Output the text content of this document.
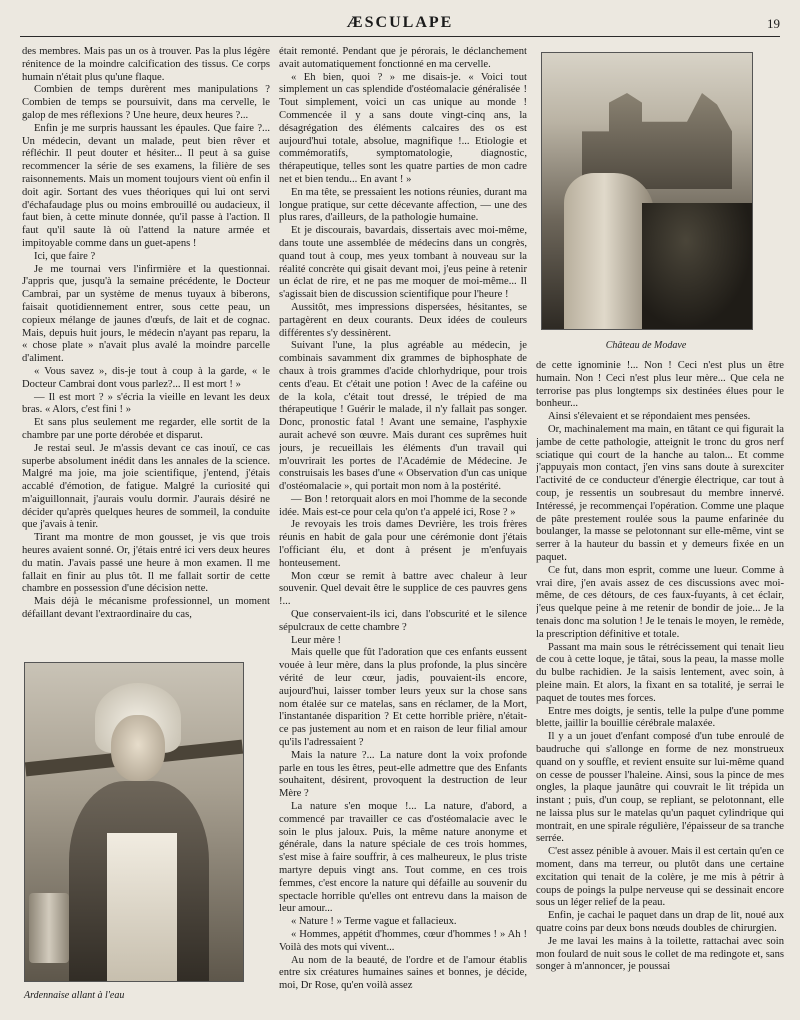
ÆSCULAPE	19

des membres. Mais pas un os à trouver. Pas la plus légère rénitence de la moindre calcification des tissus. Ce corps humain n'était plus qu'une flaque.

Combien de temps durèrent mes manipulations ? Combien de temps se poursuivit, dans ma cervelle, le galop de mes réflexions ? Une heure, deux heures ?...

Enfin je me surpris haussant les épaules. Que faire ?... Un médecin, devant un malade, peut bien rêver et réfléchir. Il peut douter et hésiter... Il peut à sa guise recommencer la série de ses examens, la filière de ses raisonnements. Mais un moment toujours vient où enfin il doit agir. Sortant des vues théoriques qui lui ont servi d'échafaudage plus ou moins embrouillé ou audacieux, il faut bien, à cette minute donnée, qu'il passe à l'action. Il faut qu'il saute là où l'attend la nature armée et impitoyable comme dans un guet-apens !

Ici, que faire ?

Je me tournai vers l'infirmière et la questionnai. J'appris que, jusqu'à la semaine précédente, le Docteur Cambrai, par un système de menus tuyaux à biberons, faisait quotidiennement entrer, sous cette peau, un copieux mélange de jaunes d'œufs, de lait et de cognac. Mais, depuis huit jours, le médecin n'ayant pas reparu, la « chose plate » n'avait plus avalé la moindre parcelle d'aliment.

« Vous savez », dis-je tout à coup à la garde, « le Docteur Cambrai dont vous parlez?... Il est mort ! »

— Il est mort ? » s'écria la vieille en levant les deux bras. « Alors, c'est fini ! »

Et sans plus seulement me regarder, elle sortit de la chambre par une porte dérobée et disparut.

Je restai seul. Je m'assis devant ce cas inouï, ce cas superbe absolument inédit dans les annales de la science. Malgré ma joie, ma joie scientifique, j'entend, j'étais accablé d'émotion, de fatigue. Malgré la curiosité qui m'aiguillonnait, j'aurais voulu dormir. J'aurais désiré ne décider qu'après quelques heures de sommeil, la conduite que j'avais à tenir.

Tirant ma montre de mon gousset, je vis que trois heures avaient sonné. Or, j'étais entré ici vers deux heures du matin. J'avais passé une heure à mon examen. Il me fallait en finir au plus tôt. Il me fallait sortir de cette chambre en possession d'une décision nette.

Mais déjà le mécanisme professionnel, un moment défaillant devant l'extraordinaire du cas,

Ardennaise allant à l'eau

était remonté. Pendant que je pérorais, le déclanchement avait automatiquement fonctionné en ma cervelle.

« Eh bien, quoi ? » me disais-je. « Voici tout simplement un cas splendide d'ostéomalacie généralisée ! Tout simplement, voici un cas unique au monde ! Commencée il y a sans doute vingt-cinq ans, la désagrégation des éléments calcaires des os est aujourd'hui totale, absolue, magnifique !... Etiologie et commémoratifs, symptomatologie, diagnostic, thérapeutique, telles sont les quatre parties de mon cadre net et bien tendu... En avant ! »

En ma tête, se pressaient les notions réunies, durant ma longue pratique, sur cette décevante affection, — une des plus rares, d'ailleurs, de la pathologie humaine.

Et je discourais, bavardais, dissertais avec moi-même, dans toute une assemblée de médecins dans un congrès, quand tout à coup, mes yeux tombant à nouveau sur la réalité concrète qui gisait devant moi, j'eus peine à retenir un éclat de rire, et ne pas me moquer de moi-même... Il s'agissait bien de discussion scientifique pour l'heure !

Aussitôt, mes impressions dispersées, hésitantes, se partagèrent en deux courants. Deux idées de couleurs différentes s'y dessinèrent.

Suivant l'une, la plus agréable au médecin, je combinais savamment dix grammes de biphosphate de chaux à trois grammes d'acide chlorhydrique, pour trois cents d'eau. Et c'était une potion ! Avec de la caféine ou de la kola, c'était tout dressé, le trépied de ma thérapeutique ! Guérir le malade, il n'y fallait pas songer. Donc, pronostic fatal ! Avant une semaine, l'asphyxie aurait achevé son œuvre. Mais durant ces suprêmes huit jours, je recueillais les éléments d'un travail qui m'ouvrirait les portes de l'Académie de Médecine. Je construisais les bases d'une « Observation d'un cas unique d'ostéomalacie », qui portait mon nom à la postérité.

— Bon ! retorquait alors en moi l'homme de la seconde idée. Mais est-ce pour cela qu'on t'a appelé ici, Rose ? »

Je revoyais les trois dames Devrière, les trois frères réunis en habit de gala pour une cérémonie dont j'étais l'officiant élu, et dont à présent je m'enfuyais honteusement.

Mon cœur se remit à battre avec chaleur à leur souvenir. Quel devait être le supplice de ces pauvres gens !...

Que conservaient-ils ici, dans l'obscurité et le silence sépulcraux de cette chambre ?

Leur mère !

Mais quelle que fût l'adoration que ces enfants eussent vouée à leur mère, dans la plus profonde, la plus sincère vérité de leur cœur, jadis, pouvaient-ils encore, aujourd'hui, laisser tomber leurs yeux sur la chose sans nom étalée sur ce matelas, sans en réclamer, de la Mort, l'instantanée disparition ? Et cette horrible prière, n'était-ce pas justement au nom et en raison de leur filial amour qu'ils l'adressaient ?

Mais la nature ?... La nature dont la voix profonde parle en tous les êtres, peut-elle admettre que des Enfants souhaitent, désirent, provoquent la destruction de leur Mère ?

La nature s'en moque !... La nature, d'abord, a commencé par travailler ce cas d'ostéomalacie avec le soin le plus jaloux. Puis, la même nature anonyme et générale, dans la nature spéciale de ces trois hommes, s'est mise à faire souffrir, à ces malheureux, le plus triste martyre depuis vingt ans. Tout comme, en ces trois femmes, c'est encore la nature qui défaille au souvenir du spectacle horrible qu'elles ont entrevu dans la maison de leur amour...

« Nature ! » Terme vague et fallacieux.

« Hommes, appétit d'hommes, cœur d'hommes ! » Ah ! Voilà des mots qui vivent...

Au nom de la beauté, de l'ordre et de l'amour établis entre six créatures humaines saines et bonnes, je décide, moi, Dr Rose, qu'en voilà assez

Château de Modave

de cette ignominie !... Non ! Ceci n'est plus un être humain. Non ! Ceci n'est plus leur mère... Que cela ne terrorise pas plus longtemps six destinées élues pour le bonheur...

Ainsi s'élevaient et se répondaient mes pensées.

Or, machinalement ma main, en tâtant ce qui figurait la jambe de cette pathologie, atteignit le tronc du gros nerf sciatique qui court de la hanche au talon... Et comme j'appuyais mon contact, j'en vins sans doute à surexciter l'activité de ce conducteur d'énergie électrique, car tout à coup, je ressentis un soubresaut du membre innervé. Intéressé, je recommençai l'opération. Comme une plaque de pâte prestement roulée sous la paume enfarinée du boulanger, la masse se pelotonnant sur elle-même, vint se serrer à la hauteur du bassin et y demeurs fixée en un paquet.

Ce fut, dans mon esprit, comme une lueur. Comme à vrai dire, j'en avais assez de ces discussions avec moi-même, de ces détours, de ces faux-fuyants, à cet éclair, j'eus quelque peine à me retenir de bondir de joie... Je la tenais donc ma solution ! Je le tenais le moyen, le remède, la prescription définitive et totale.

Passant ma main sous le rétrécissement qui tenait lieu de cou à cette loque, je tâtai, sous la peau, la masse molle du bulbe rachidien. Je la saisis lentement, avec soin, à pleine main. Et alors, la fixant en sa totalité, je serrai le paquet de toutes mes forces.

Entre mes doigts, je sentis, telle la pulpe d'une pomme blette, jaillir la bouillie cérébrale malaxée.

Il y a un jouet d'enfant composé d'un tube enroulé de baudruche qui s'allonge en forme de nez monstrueux quand on y souffle, et revient ensuite sur lui-même quand on cesse de pousser l'haleine. Ainsi, sous la pince de mes ongles, la plaque jaunâtre qui couvrait le lit trépida un instant ; puis, d'un coup, se repliant, se pelotonnant, elle ne laissa plus sur le matelas qu'un paquet cylindrique qui montrait, en une spirale régulière, l'épaisseur de sa tranche serrée.

C'est assez pénible à avouer. Mais il est certain qu'en ce moment, dans ma terreur, ou plutôt dans une certaine excitation qui tenait de la colère, je me mis à pétrir à coups de poings la pulpe nerveuse qui se dessinait encore sous un léger relief de la peau.

Enfin, je cachai le paquet dans un drap de lit, noué aux quatre coins par deux bons nœuds doubles de chirurgien.

Je me lavai les mains à la toilette, rattachai avec soin mon foulard de nuit sous le collet de ma redingote et, sans songer à m'annoncer, je poussai
